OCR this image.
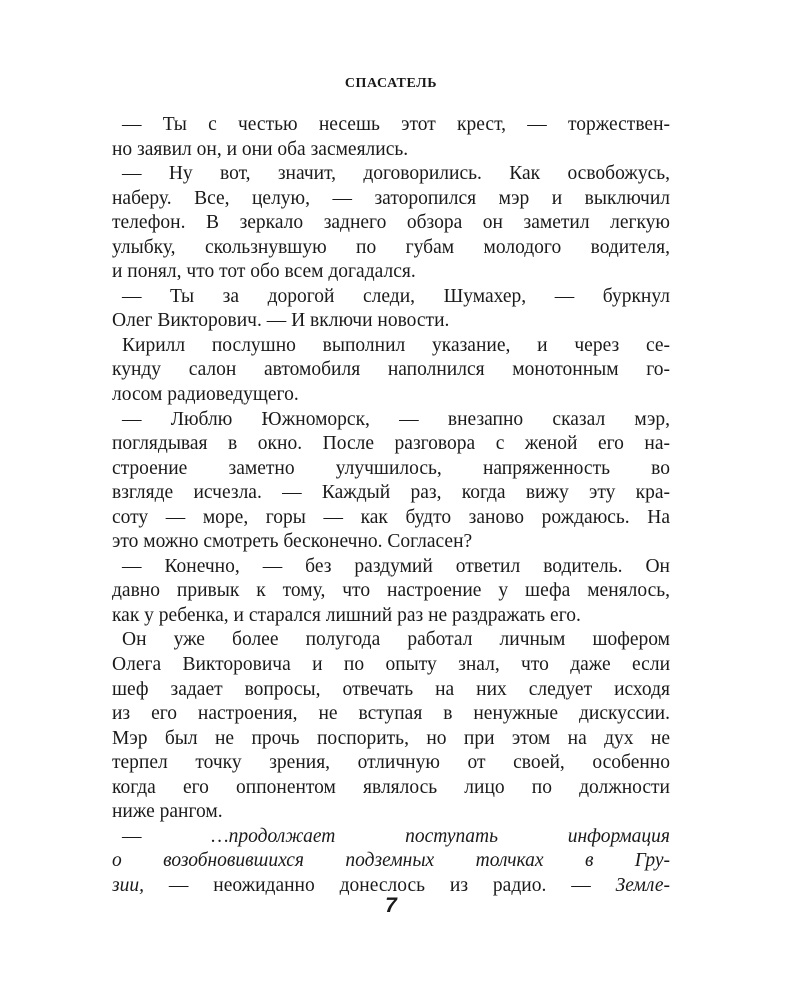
СПАСАТЕЛЬ
— Ты с честью несешь этот крест, — торжествен-
но заявил он, и они оба засмеялись.
— Ну вот, значит, договорились. Как освобожусь,
наберу. Все, целую, — заторопился мэр и выключил
телефон. В зеркало заднего обзора он заметил легкую
улыбку, скользнувшую по губам молодого водителя,
и понял, что тот обо всем догадался.
— Ты за дорогой следи, Шумахер, — буркнул
Олег Викторович. — И включи новости.
Кирилл послушно выполнил указание, и через се-
кунду салон автомобиля наполнился монотонным го-
лосом радиоведущего.
— Люблю Южноморск, — внезапно сказал мэр,
поглядывая в окно. После разговора с женой его на-
строение заметно улучшилось, напряженность во
взгляде исчезла. — Каждый раз, когда вижу эту кра-
соту — море, горы — как будто заново рождаюсь. На
это можно смотреть бесконечно. Согласен?
— Конечно, — без раздумий ответил водитель. Он
давно привык к тому, что настроение у шефа менялось,
как у ребенка, и старался лишний раз не раздражать его.
Он уже более полугода работал личным шофером
Олега Викторовича и по опыту знал, что даже если
шеф задает вопросы, отвечать на них следует исходя
из его настроения, не вступая в ненужные дискуссии.
Мэр был не прочь поспорить, но при этом на дух не
терпел точку зрения, отличную от своей, особенно
когда его оппонентом являлось лицо по должности
ниже рангом.
— …продолжает поступать информация
о возобновившихся подземных толчках в Гру-
зии, — неожиданно донеслось из радио. — Земле-
7
